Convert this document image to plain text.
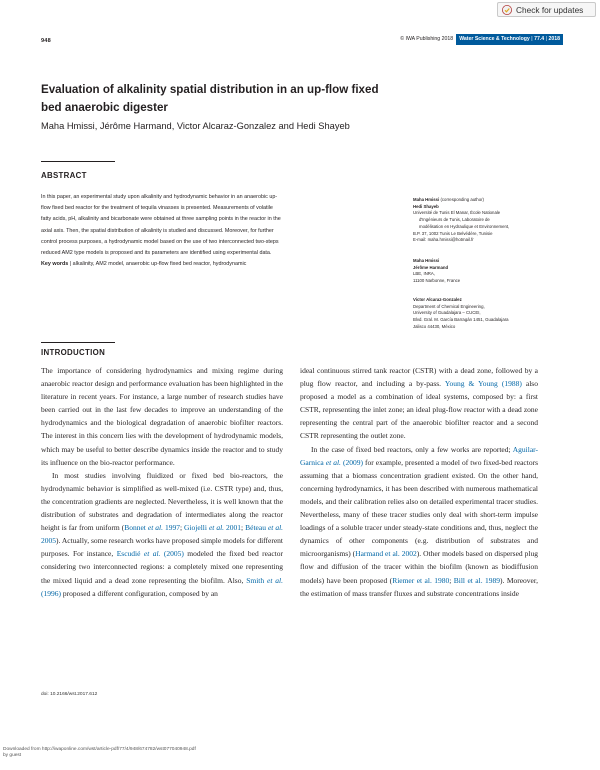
Check for updates
948	© IWA Publishing 2018 Water Science & Technology | 77.4 | 2018
Evaluation of alkalinity spatial distribution in an up-flow fixed bed anaerobic digester
Maha Hmissi, Jérôme Harmand, Victor Alcaraz-Gonzalez and Hedi Shayeb
ABSTRACT
In this paper, an experimental study upon alkalinity and hydrodynamic behavior in an anaerobic up-
flow fixed bed reactor for the treatment of tequila vinasses is presented. Measurements of volatile
fatty acids, pH, alkalinity and bicarbonate were obtained at three sampling points in the reactor in the
axial axis. Then, the spatial distribution of alkalinity is studied and discussed. Moreover, for further
control process purposes, a hydrodynamic model based on the use of two interconnected two-steps
reduced AM2 type models is proposed and its parameters are identified using experimental data.
Key words | alkalinity, AM2 model, anaerobic up-flow fixed bed reactor, hydrodynamic
Maha Hmissi (corresponding author)
Hedi Shayeb
Université de Tunis El Manar, École Nationale
d'Ingénieurs de Tunis, Laboratoire de
modélisation en Hydraulique et Environnement,
B.P. 37, 1002 Tunis Le Belvédère, Tunisie
E-mail: maha.hmissi@hotmail.fr
Maha Hmissi
Jérôme Harmand
LBE, INRA,
11100 Narbonne, France
Victor Alcaraz-Gonzalez
Department of Chemical Engineering,
University of Guadalajara – CUCEI,
Blvd. Gral. M. García Barragán 1451, Guadalajara
Jalisco 44430, México
INTRODUCTION

The importance of considering hydrodynamics and mixing regime during anaerobic reactor design and performance evaluation has been highlighted in the literature in recent years. For instance, a large number of research studies have been carried out in the last few decades to improve an understanding of the hydrodynamics and the biological degradation of anaerobic biofilter reactors. The interest in this concern lies with the development of hydrodynamic models, which may be useful to better describe dynamics inside the reactor and to study its influence on the bio-reactor performance.

In most studies involving fluidized or fixed bed bio-reactors, the hydrodynamic behavior is simplified as well-mixed (i.e. CSTR type) and, thus, the concentration gradients are neglected. Nevertheless, it is well known that the distribution of substrates and degradation of intermediates along the reactor height is far from uniform (Bonnet et al. 1997; Giojelli et al. 2001; Béteau et al. 2005). Actually, some research works have proposed simple models for different purposes. For instance, Escudié et al. (2005) modeled the fixed bed reactor considering two interconnected regions: a completely mixed one representing the mixed liquid and a dead zone representing the biofilm. Also, Smith et al. (1996) proposed a different configuration, composed by an

ideal continuous stirred tank reactor (CSTR) with a dead zone, followed by a plug flow reactor, and including a by-pass. Young & Young (1988) also proposed a model as a combination of ideal systems, composed by: a first CSTR, representing the inlet zone; an ideal plug-flow reactor with a dead zone representing the central part of the anaerobic biofilter reactor and a second CSTR representing the outlet zone.

In the case of fixed bed reactors, only a few works are reported; Aguilar-Garnica et al. (2009) for example, presented a model of two fixed-bed reactors assuming that a biomass concentration gradient existed. On the other hand, concerning hydrodynamics, it has been described with numerous mathematical models, and their calibration relies also on detailed experimental tracer studies. Nevertheless, many of these tracer studies only deal with short-term impulse loadings of a soluble tracer under steady-state conditions and, thus, neglect the dynamics of other components (e.g. distribution of substrates and microorganisms) (Harmand et al. 2002). Other models based on dispersed plug flow and diffusion of the tracer within the biofilm (known as biodiffusion models) have been proposed (Riemer et al. 1980; Bill et al. 1989). Moreover, the estimation of mass transfer fluxes and substrate concentrations inside

doi: 10.2166/wst.2017.612
Downloaded from http://iwaponline.com/wst/article-pdf/77/4/948/674782/wst077040948.pdf
by guest
